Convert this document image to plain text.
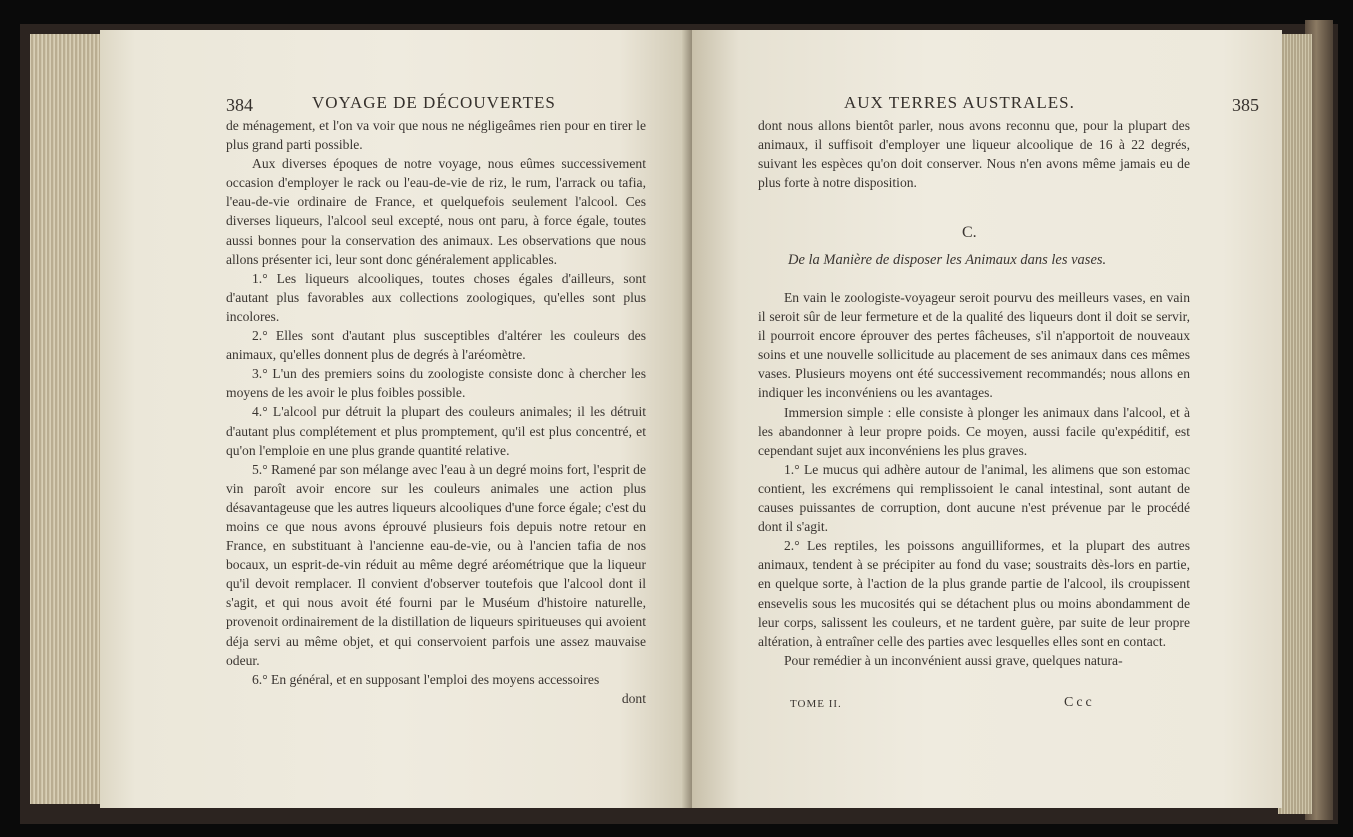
384	VOYAGE DE DÉCOUVERTES

de ménagement, et l'on va voir que nous ne négligeâmes rien pour en tirer le plus grand parti possible.

Aux diverses époques de notre voyage, nous eûmes successivement occasion d'employer le rack ou l'eau-de-vie de riz, le rum, l'arrack ou tafia, l'eau-de-vie ordinaire de France, et quelquefois seulement l'alcool. Ces diverses liqueurs, l'alcool seul excepté, nous ont paru, à force égale, toutes aussi bonnes pour la conservation des animaux. Les observations que nous allons présenter ici, leur sont donc généralement applicables.

1.° Les liqueurs alcooliques, toutes choses égales d'ailleurs, sont d'autant plus favorables aux collections zoologiques, qu'elles sont plus incolores.

2.° Elles sont d'autant plus susceptibles d'altérer les couleurs des animaux, qu'elles donnent plus de degrés à l'aréomètre.

3.° L'un des premiers soins du zoologiste consiste donc à chercher les moyens de les avoir le plus foibles possible.

4.° L'alcool pur détruit la plupart des couleurs animales; il les détruit d'autant plus complétement et plus promptement, qu'il est plus concentré, et qu'on l'emploie en une plus grande quantité relative.

5.° Ramené par son mélange avec l'eau à un degré moins fort, l'esprit de vin paroît avoir encore sur les couleurs animales une action plus désavantageuse que les autres liqueurs alcooliques d'une force égale; c'est du moins ce que nous avons éprouvé plusieurs fois depuis notre retour en France, en substituant à l'ancienne eau-de-vie, ou à l'ancien tafia de nos bocaux, un esprit-de-vin réduit au même degré aréométrique que la liqueur qu'il devoit remplacer. Il convient d'observer toutefois que l'alcool dont il s'agit, et qui nous avoit été fourni par le Muséum d'histoire naturelle, provenoit ordinairement de la distillation de liqueurs spiritueuses qui avoient déja servi au même objet, et qui conservoient parfois une assez mauvaise odeur.

6.° En général, et en supposant l'emploi des moyens accessoires

dont

AUX TERRES AUSTRALES.	385

dont nous allons bientôt parler, nous avons reconnu que, pour la plupart des animaux, il suffisoit d'employer une liqueur alcoolique de 16 à 22 degrés, suivant les espèces qu'on doit conserver. Nous n'en avons même jamais eu de plus forte à notre disposition.

C.
De la Manière de disposer les Animaux dans les vases.

En vain le zoologiste-voyageur seroit pourvu des meilleurs vases, en vain il seroit sûr de leur fermeture et de la qualité des liqueurs dont il doit se servir, il pourroit encore éprouver des pertes fâcheuses, s'il n'apportoit de nouveaux soins et une nouvelle sollicitude au placement de ses animaux dans ces mêmes vases. Plusieurs moyens ont été successivement recommandés; nous allons en indiquer les inconvéniens ou les avantages.

Immersion simple : elle consiste à plonger les animaux dans l'alcool, et à les abandonner à leur propre poids. Ce moyen, aussi facile qu'expéditif, est cependant sujet aux inconvéniens les plus graves.

1.° Le mucus qui adhère autour de l'animal, les alimens que son estomac contient, les excrémens qui remplissoient le canal intestinal, sont autant de causes puissantes de corruption, dont aucune n'est prévenue par le procédé dont il s'agit.

2.° Les reptiles, les poissons anguilliformes, et la plupart des autres animaux, tendent à se précipiter au fond du vase; soustraits dès-lors en partie, en quelque sorte, à l'action de la plus grande partie de l'alcool, ils croupissent ensevelis sous les mucosités qui se détachent plus ou moins abondamment de leur corps, salissent les couleurs, et ne tardent guère, par suite de leur propre altération, à entraîner celle des parties avec lesquelles elles sont en contact.

Pour remédier à un inconvénient aussi grave, quelques natura-

TOME II.	Ccc
